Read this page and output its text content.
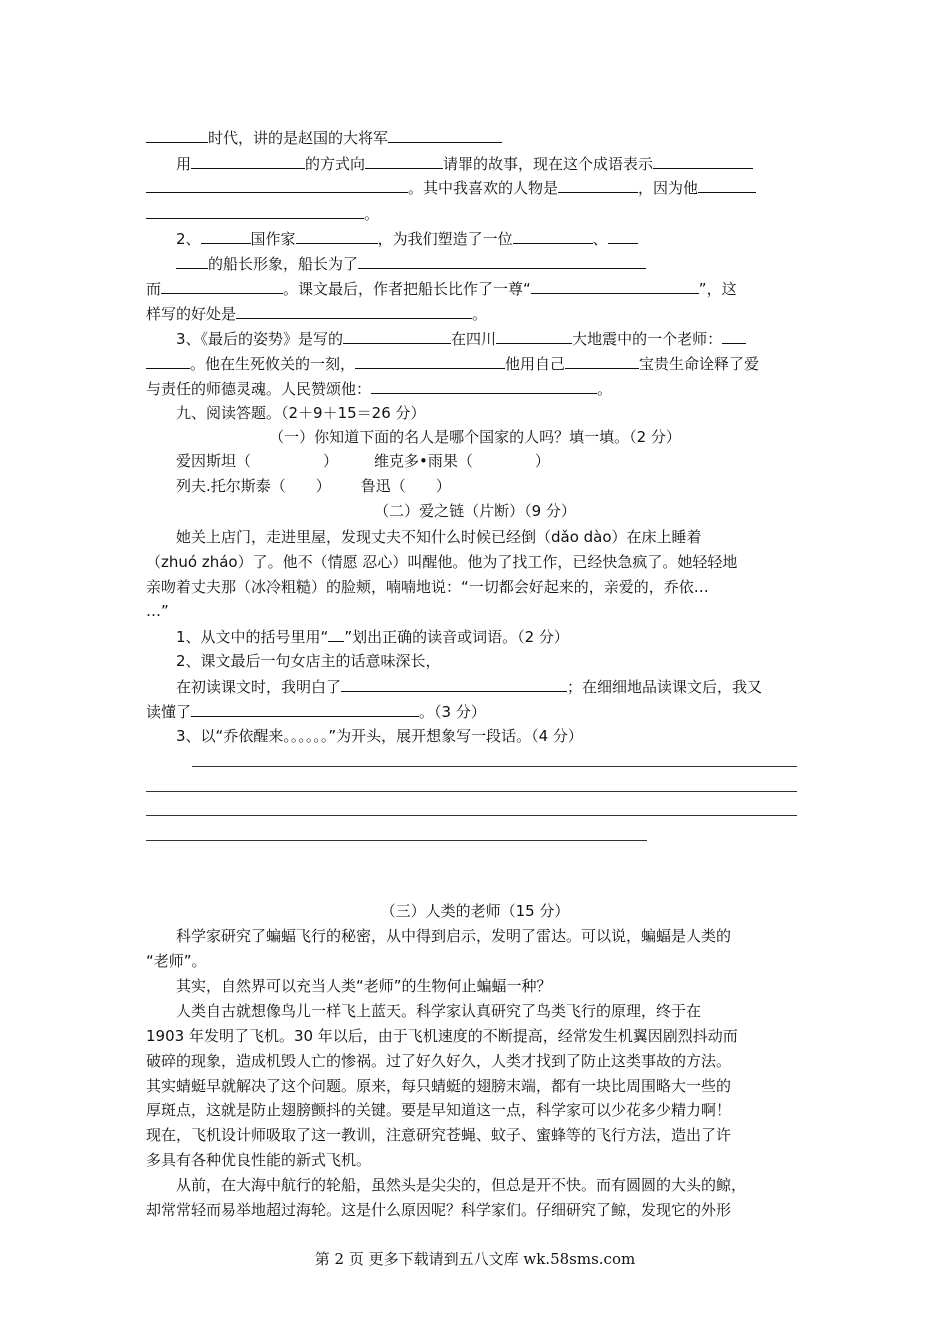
时代，讲的是赵国的大将军
用	的方式向	请罪的故事，现在这个成语表示
。其中我喜欢的人物是	，因为他
。
2、	国作家	，为我们塑造了一位	、
的船长形象，船长为了
而	。课文最后，作者把船长比作了一尊“	”，这
样写的好处是	。
3、《最后的姿势》是写的	在四川	大地震中的一个老师：
。他在生死攸关的一刻，	他用自己	宝贵生命诠释了爱
与责任的师德灵魂。人民赞颂他：	。
九、阅读答题。（2＋9＋15＝26 分）
（一）你知道下面的名人是哪个国家的人吗？填一填。（2 分）
爱因斯坦（	） 维克多•雨果（	）
列夫.托尔斯泰（ ） 鲁迅（ ）
（二）爱之链（片断）（9 分）
她关上店门，走进里屋，发现丈夫不知什么时候已经倒（dǎo dào）在床上睡着
（zhuó zháo）了。他不（情愿 忍心）叫醒他。他为了找工作，已经快急疯了。她轻轻地
亲吻着丈夫那（冰冷粗糙）的脸颊，喃喃地说：“一切都会好起来的，亲爱的，乔依…
…”
1、从文中的括号里用“ ”划出正确的读音或词语。（2 分）
2、课文最后一句女店主的话意味深长，
在初读课文时，我明白了	；在细细地品读课文后，我又
读懂了	。（3 分）
3、以“乔依醒来。。。。。。”为开头，展开想象写一段话。（4 分）
（三）人类的老师（15 分）
科学家研究了蝙蝠飞行的秘密，从中得到启示，发明了雷达。可以说，蝙蝠是人类的
“老师”。
其实，自然界可以充当人类“老师”的生物何止蝙蝠一种？
人类自古就想像鸟儿一样飞上蓝天。科学家认真研究了鸟类飞行的原理，终于在
1903 年发明了飞机。30 年以后，由于飞机速度的不断提高，经常发生机翼因剧烈抖动而
破碎的现象，造成机毁人亡的惨祸。过了好久好久，人类才找到了防止这类事故的方法。
其实蜻蜓早就解决了这个问题。原来，每只蜻蜓的翅膀末端，都有一块比周围略大一些的
厚斑点，这就是防止翅膀颤抖的关键。要是早知道这一点，科学家可以少花多少精力啊！
现在，飞机设计师吸取了这一教训，注意研究苍蝇、蚊子、蜜蜂等的飞行方法，造出了许
多具有各种优良性能的新式飞机。
从前，在大海中航行的轮船，虽然头是尖尖的，但总是开不快。而有圆圆的大头的鲸，
却常常轻而易举地超过海轮。这是什么原因呢？科学家们。仔细研究了鲸，发现它的外形
第 2 页 更多下载请到五八文库 wk.58sms.com
